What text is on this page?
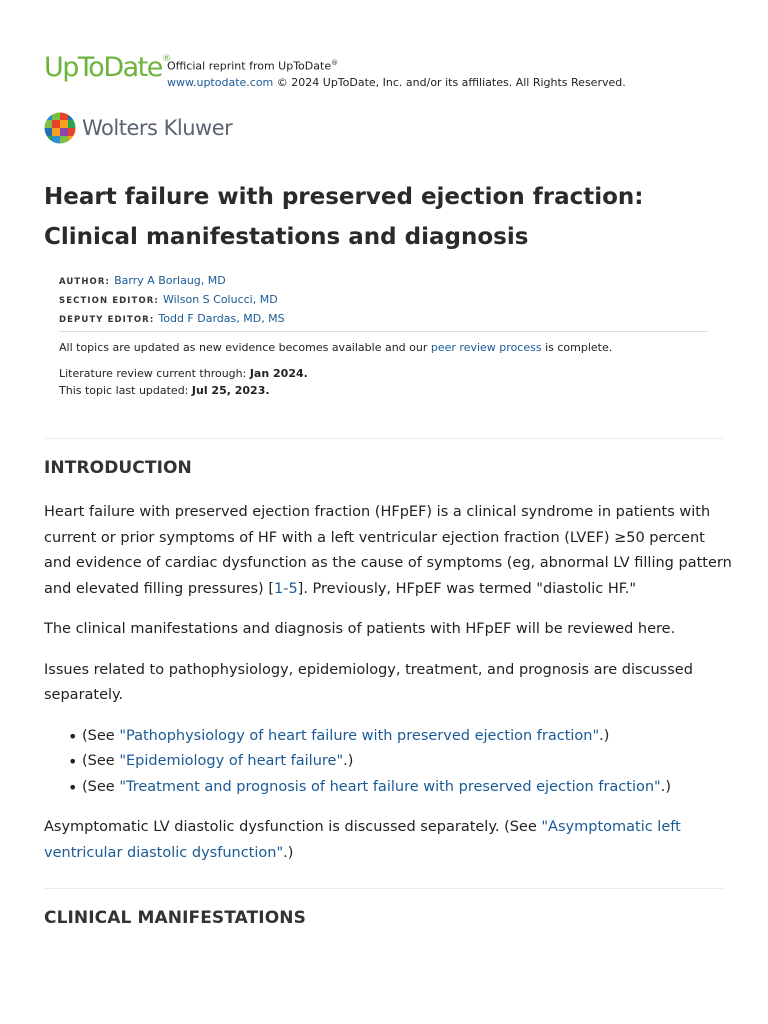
UpToDate®
Official reprint from UpToDate®
www.uptodate.com © 2024 UpToDate, Inc. and/or its affiliates. All Rights Reserved.
Wolters Kluwer
Heart failure with preserved ejection fraction: Clinical manifestations and diagnosis
AUTHOR: Barry A Borlaug, MD
SECTION EDITOR: Wilson S Colucci, MD
DEPUTY EDITOR: Todd F Dardas, MD, MS

All topics are updated as new evidence becomes available and our peer review process is complete.

Literature review current through: Jan 2024.

This topic last updated: Jul 25, 2023.

INTRODUCTION

Heart failure with preserved ejection fraction (HFpEF) is a clinical syndrome in patients with current or prior symptoms of HF with a left ventricular ejection fraction (LVEF) ≥50 percent and evidence of cardiac dysfunction as the cause of symptoms (eg, abnormal LV filling pattern and elevated filling pressures) [1-5]. Previously, HFpEF was termed "diastolic HF."

The clinical manifestations and diagnosis of patients with HFpEF will be reviewed here.

Issues related to pathophysiology, epidemiology, treatment, and prognosis are discussed separately.

• (See "Pathophysiology of heart failure with preserved ejection fraction".)
• (See "Epidemiology of heart failure".)
• (See "Treatment and prognosis of heart failure with preserved ejection fraction".)

Asymptomatic LV diastolic dysfunction is discussed separately. (See "Asymptomatic left ventricular diastolic dysfunction".)

CLINICAL MANIFESTATIONS
